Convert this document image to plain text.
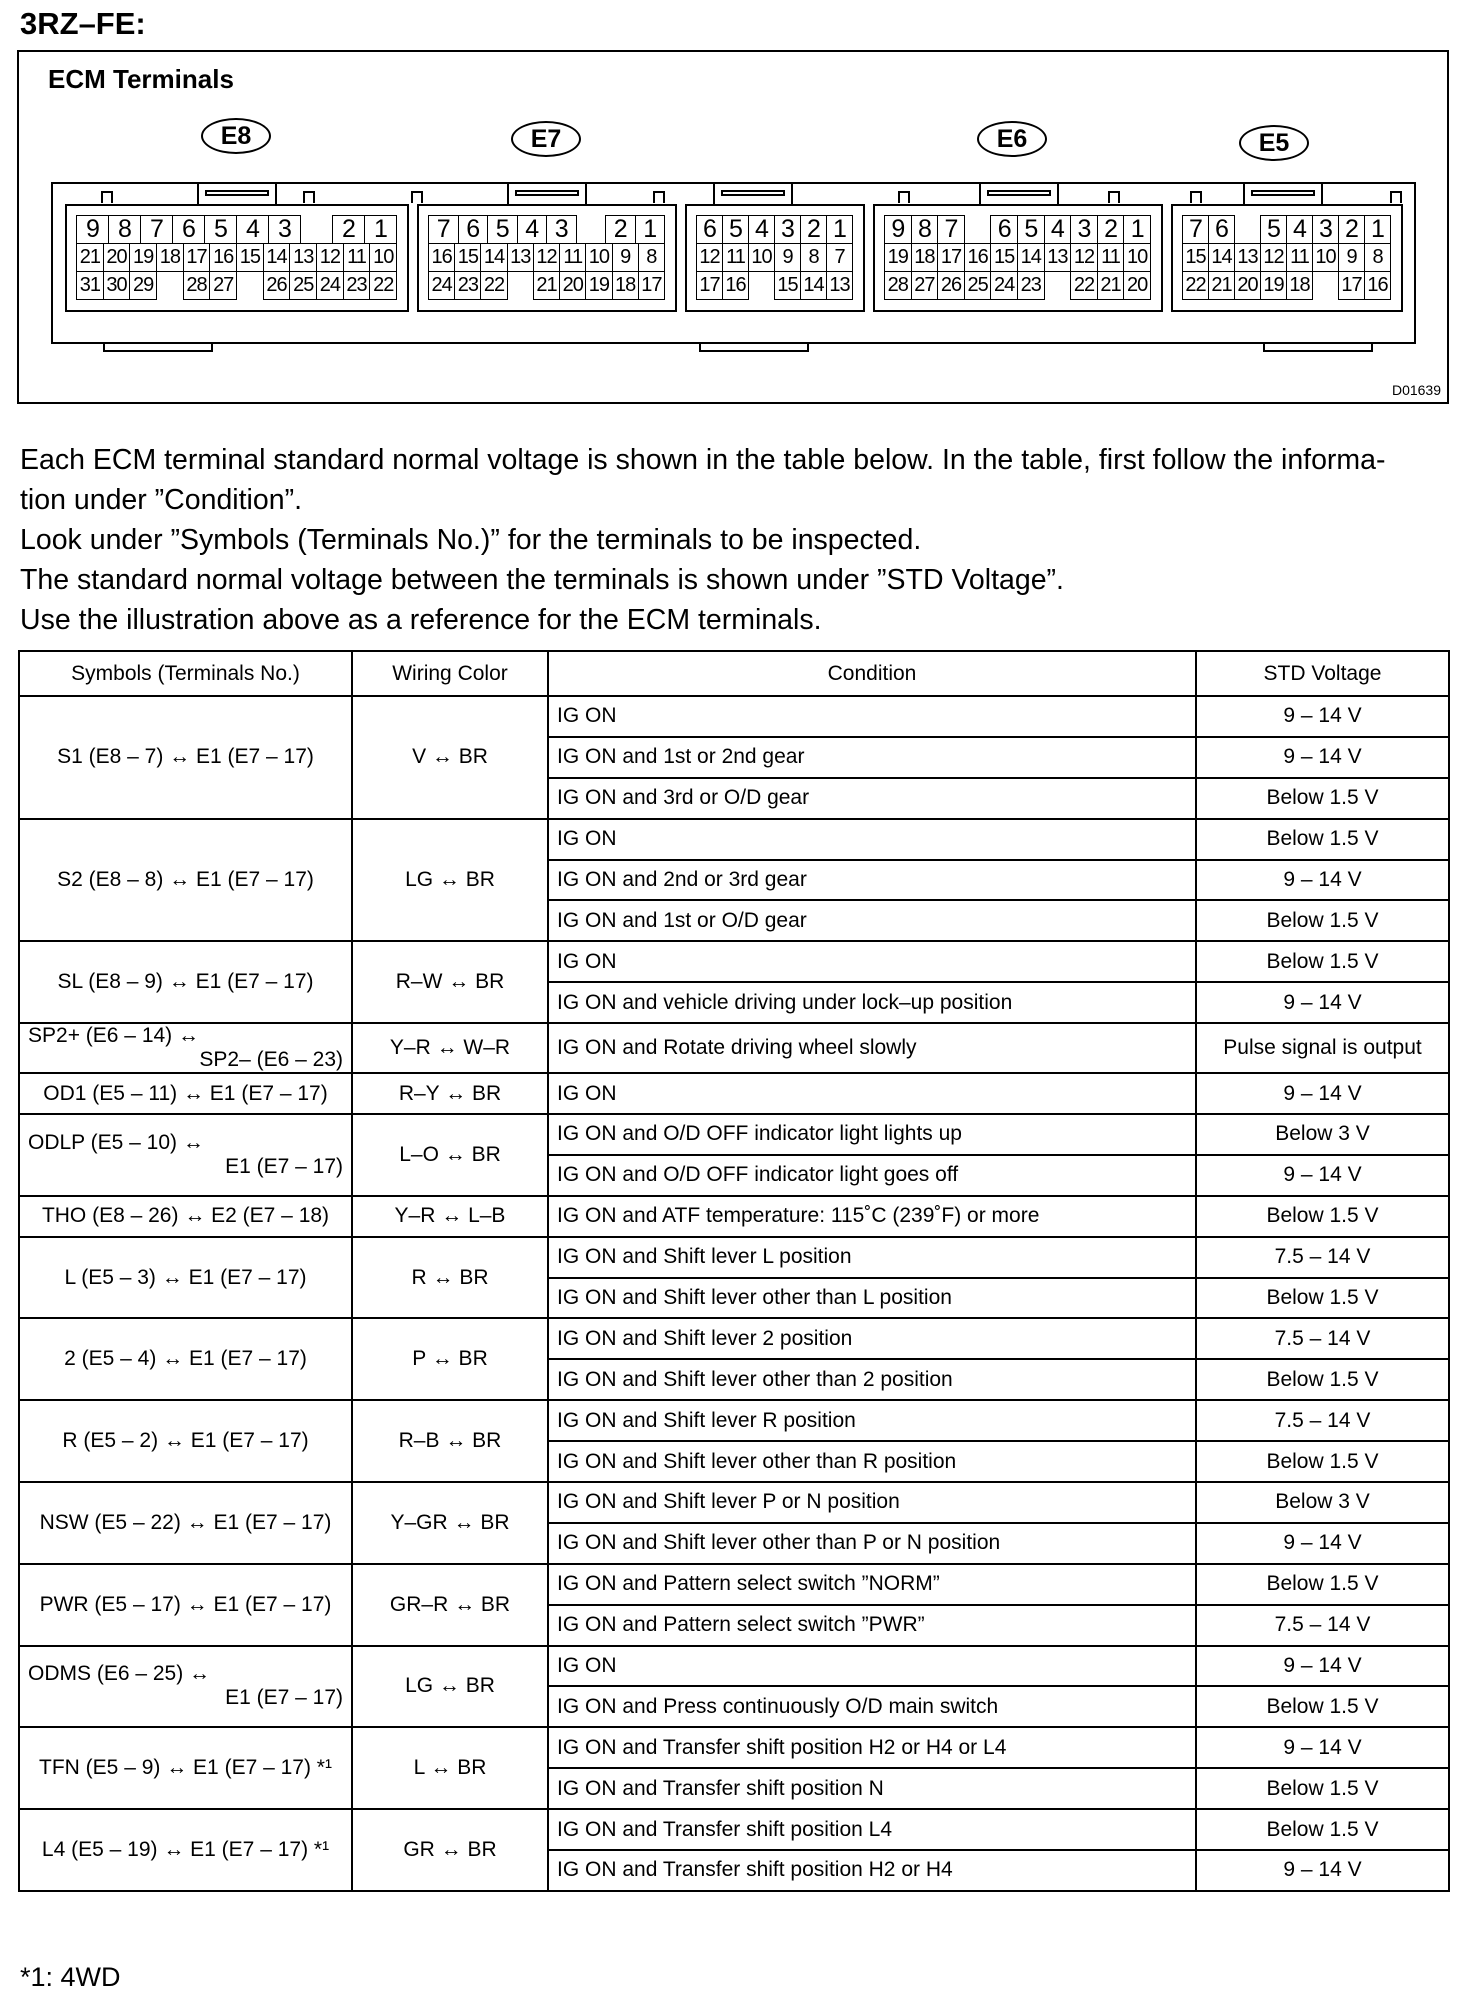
3RZ–FE:
ECM Terminals
E8	E7	E6	E5
9 8 7 6 5 4 3	2 1
21 20 19 18 17 16 15 14 13 12 11 10
31 30 29 28 27 26 25 24 23 22
7 6 5 4 3	2 1
16 15 14 13 12 11 10 9 8
24 23 22 21 20 19 18 17
6 5 4 3 2 1
12 11 10 9 8 7
17 16 15 14 13
9 8 7 6 5 4 3 2 1
19 18 17 16 15 14 13 12 11 10
28 27 26 25 24 23 22 21 20
7 6 5 4 3 2 1
15 14 13 12 11 10 9 8
22 21 20 19 18 17 16
D01639

Each ECM terminal standard normal voltage is shown in the table below. In the table, first follow the informa-

tion under ”Condition”.

Look under ”Symbols (Terminals No.)” for the terminals to be inspected.

The standard normal voltage between the terminals is shown under ”STD Voltage”.

Use the illustration above as a reference for the ECM terminals.

Symbols (Terminals No.)	Wiring Color	Condition	STD Voltage
S1 (E8 – 7) ↔ E1 (E7 – 17)	V ↔ BR	IG ON	9 – 14 V
		IG ON and 1st or 2nd gear	9 – 14 V
		IG ON and 3rd or O/D gear	Below 1.5 V
S2 (E8 – 8) ↔ E1 (E7 – 17)	LG ↔ BR	IG ON	Below 1.5 V
		IG ON and 2nd or 3rd gear	9 – 14 V
		IG ON and 1st or O/D gear	Below 1.5 V
SL (E8 – 9) ↔ E1 (E7 – 17)	R–W ↔ BR	IG ON	Below 1.5 V
		IG ON and vehicle driving under lock–up position	9 – 14 V

SP2+ (E6 – 14) ↔
SP2– (E6 – 23)	Y–R ↔ W–R	IG ON and Rotate driving wheel slowly	Pulse signal is output
OD1 (E5 – 11) ↔ E1 (E7 – 17)	R–Y ↔ BR	IG ON	9 – 14 V

ODLP (E5 – 10) ↔
E1 (E7 – 17)	L–O ↔ BR	IG ON and O/D OFF indicator light lights up	Below 3 V
		IG ON and O/D OFF indicator light goes off	9 – 14 V
THO (E8 – 26) ↔ E2 (E7 – 18)	Y–R ↔ L–B	IG ON and ATF temperature: 115˚C (239˚F) or more	Below 1.5 V
L (E5 – 3) ↔ E1 (E7 – 17)	R ↔ BR	IG ON and Shift lever L position	7.5 – 14 V
		IG ON and Shift lever other than L position	Below 1.5 V
2 (E5 – 4) ↔ E1 (E7 – 17)	P ↔ BR	IG ON and Shift lever 2 position	7.5 – 14 V
		IG ON and Shift lever other than 2 position	Below 1.5 V
R (E5 – 2) ↔ E1 (E7 – 17)	R–B ↔ BR	IG ON and Shift lever R position	7.5 – 14 V
		IG ON and Shift lever other than R position	Below 1.5 V
NSW (E5 – 22) ↔ E1 (E7 – 17)	Y–GR ↔ BR	IG ON and Shift lever P or N position	Below 3 V
		IG ON and Shift lever other than P or N position	9 – 14 V
PWR (E5 – 17) ↔ E1 (E7 – 17)	GR–R ↔ BR	IG ON and Pattern select switch ”NORM”	Below 1.5 V
		IG ON and Pattern select switch ”PWR”	7.5 – 14 V

ODMS (E6 – 25) ↔
E1 (E7 – 17)	LG ↔ BR	IG ON	9 – 14 V
		IG ON and Press continuously O/D main switch	Below 1.5 V
TFN (E5 – 9) ↔ E1 (E7 – 17) *¹	L ↔ BR	IG ON and Transfer shift position H2 or H4 or L4	9 – 14 V
		IG ON and Transfer shift position N	Below 1.5 V
L4 (E5 – 19) ↔ E1 (E7 – 17) *¹	GR ↔ BR	IG ON and Transfer shift position L4	Below 1.5 V
		IG ON and Transfer shift position H2 or H4	9 – 14 V
*1: 4WD
